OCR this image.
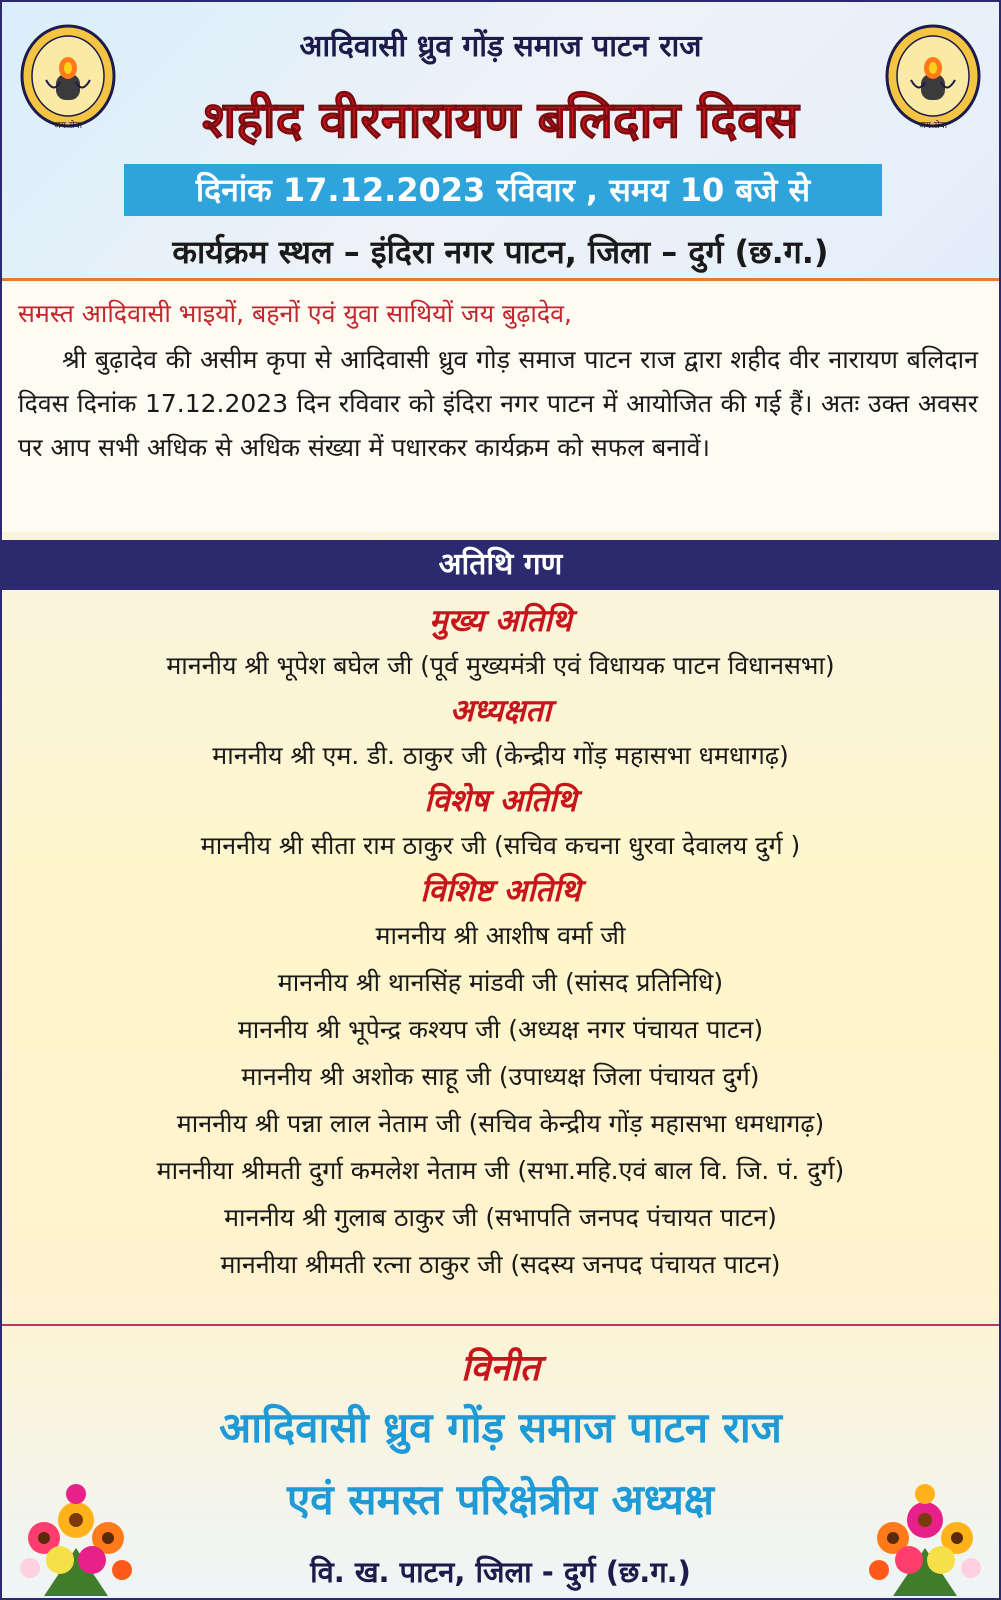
जय सेवा
आदिवासी ध्रुव गोंड़ समाज पाटन राज
शहीद वीरनारायण बलिदान दिवस
दिनांक 17.12.2023 रविवार , समय 10 बजे से
कार्यक्रम स्थल – इंदिरा नगर पाटन, जिला – दुर्ग (छ.ग.)
जय सेवा
समस्त आदिवासी भाइयों, बहनों एवं युवा साथियों जय बुढ़ादेव,
श्री बुढ़ादेव की असीम कृपा से आदिवासी ध्रुव गोड़ समाज पाटन राज द्वारा शहीद वीर नारायण बलिदान दिवस दिनांक 17.12.2023 दिन रविवार को इंदिरा नगर पाटन में आयोजित की गई हैं। अतः उक्त अवसर पर आप सभी अधिक से अधिक संख्या में पधारकर कार्यक्रम को सफल बनावें।
अतिथि गण

मुख्य अतिथि

माननीय श्री भूपेश बघेल जी (पूर्व मुख्यमंत्री एवं विधायक पाटन विधानसभा)

अध्यक्षता

माननीय श्री एम. डी. ठाकुर जी (केन्द्रीय गोंड़ महासभा धमधागढ़)

विशेष अतिथि

माननीय श्री सीता राम ठाकुर जी (सचिव कचना धुरवा देवालय दुर्ग )

विशिष्ट अतिथि

माननीय श्री आशीष वर्मा जी

माननीय श्री थानसिंह मांडवी जी (सांसद प्रतिनिधि)

माननीय श्री भूपेन्द्र कश्यप जी (अध्यक्ष नगर पंचायत पाटन)

माननीय श्री अशोक साहू जी (उपाध्यक्ष जिला पंचायत दुर्ग)

माननीय श्री पन्ना लाल नेताम जी (सचिव केन्द्रीय गोंड़ महासभा धमधागढ़)

माननीया श्रीमती दुर्गा कमलेश नेताम जी (सभा.महि.एवं बाल वि. जि. पं. दुर्ग)

माननीय श्री गुलाब ठाकुर जी (सभापति जनपद पंचायत पाटन)

माननीया श्रीमती रत्ना ठाकुर जी (सदस्य जनपद पंचायत पाटन)

विनीत
आदिवासी ध्रुव गोंड़ समाज पाटन राज
एवं समस्त परिक्षेत्रीय अध्यक्ष
वि. ख. पाटन, जिला - दुर्ग (छ.ग.)
